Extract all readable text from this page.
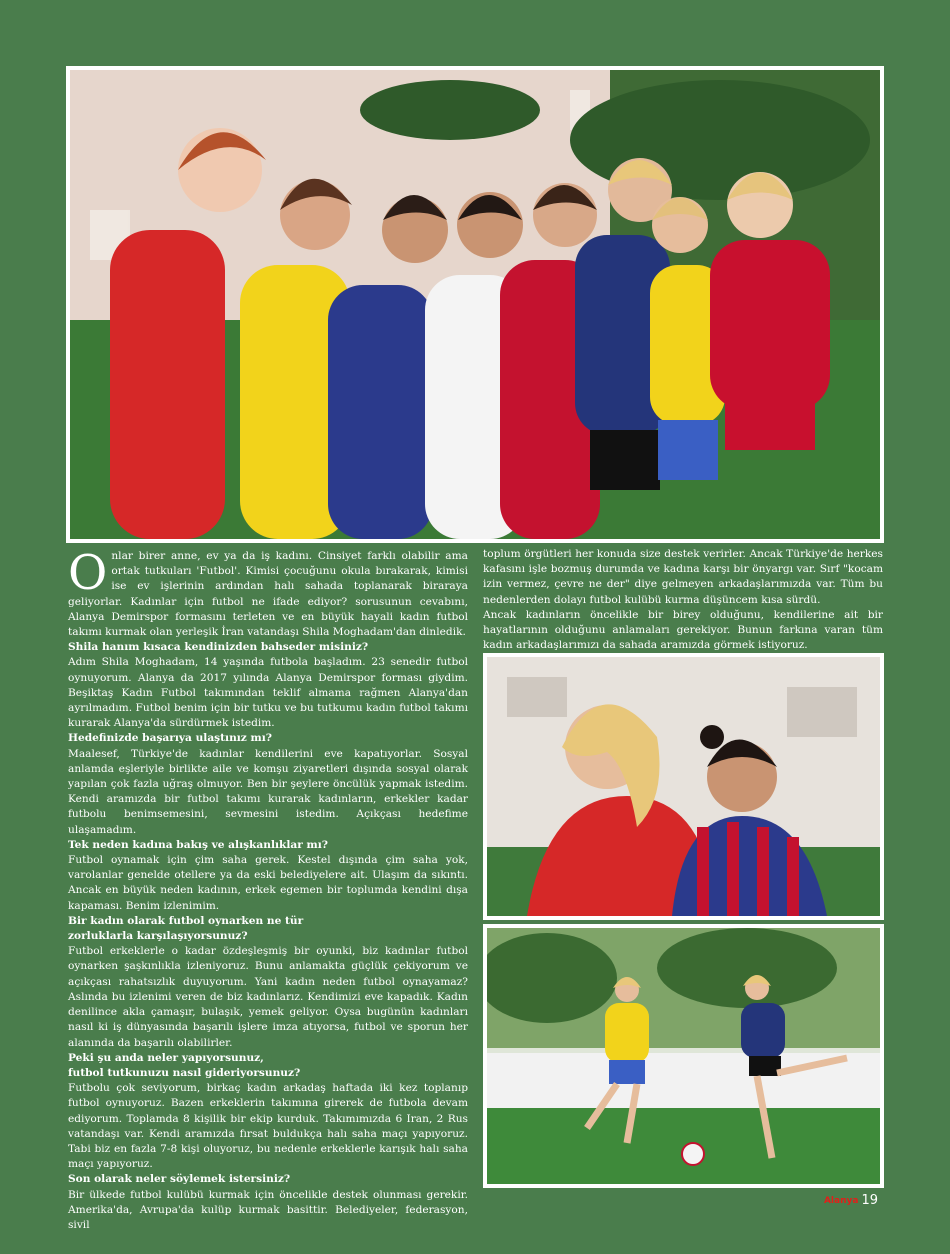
Onlar birer anne, ev ya da iş kadını. Cinsiyet farklı olabilir ama ortak tutkuları 'Futbol'. Kimisi çocuğunu okula bırakarak, kimisi ise ev işlerinin ardından halı sahada toplanarak biraraya geliyorlar. Kadınlar için futbol ne ifade ediyor? sorusunun cevabını, Alanya Demirspor formasını terleten ve en büyük hayali kadın futbol takımı kurmak olan yerleşik İran vatandaşı Shila Moghadam'dan dinledik.

Shila hanım kısaca kendinizden bahseder misiniz?

Adım Shila Moghadam, 14 yaşında futbola başladım. 23 senedir futbol oynuyorum. Alanya da 2017 yılında Alanya Demirspor forması giydim. Beşiktaş Kadın Futbol takımından teklif almama rağmen Alanya'dan ayrılmadım. Futbol benim için bir tutku ve bu tutkumu kadın futbol takımı kurarak Alanya'da sürdürmek istedim.

Hedefinizde başarıya ulaştınız mı?

Maalesef, Türkiye'de kadınlar kendilerini eve kapatıyorlar. Sosyal anlamda eşleriyle birlikte aile ve komşu ziyaretleri dışında sosyal olarak yapılan çok fazla uğraş olmuyor. Ben bir şeylere öncülük yapmak istedim. Kendi aramızda bir futbol takımı kurarak kadınların, erkekler kadar futbolu benimsemesini, sevmesini istedim. Açıkçası hedefime ulaşamadım.

Tek neden kadına bakış ve alışkanlıklar mı?

Futbol oynamak için çim saha gerek. Kestel dışında çim saha yok, varolanlar genelde otellere ya da eski belediyelere ait. Ulaşım da sıkıntı. Ancak en büyük neden kadının, erkek egemen bir toplumda kendini dışa kapaması. Benim izlenimim.

Bir kadın olarak futbol oynarken ne tür

zorluklarla karşılaşıyorsunuz?

Futbol erkeklerle o kadar özdeşleşmiş bir oyunki, biz kadınlar futbol oynarken şaşkınlıkla izleniyoruz. Bunu anlamakta güçlük çekiyorum ve açıkçası rahatsızlık duyuyorum. Yani kadın neden futbol oynayamaz? Aslında bu izlenimi veren de biz kadınlarız. Kendimizi eve kapadık. Kadın denilince akla çamaşır, bulaşık, yemek geliyor. Oysa bugünün kadınları nasıl ki iş dünyasında başarılı işlere imza atıyorsa, futbol ve sporun her alanında da başarılı olabilirler.

Peki şu anda neler yapıyorsunuz,

futbol tutkunuzu nasıl gideriyorsunuz?

Futbolu çok seviyorum, birkaç kadın arkadaş haftada iki kez toplanıp futbol oynuyoruz. Bazen erkeklerin takımına girerek de futbola devam ediyorum. Toplamda 8 kişilik bir ekip kurduk. Takımımızda 6 Iran, 2 Rus vatandaşı var. Kendi aramızda fırsat buldukça halı saha maçı yapıyoruz. Tabi biz en fazla 7-8 kişi oluyoruz, bu nedenle erkeklerle karışık halı saha maçı yapıyoruz.

Son olarak neler söylemek istersiniz?

Bir ülkede futbol kulübü kurmak için öncelikle destek olunması gerekir. Amerika'da, Avrupa'da kulüp kurmak basittir. Belediyeler, federasyon, sivil

toplum örgütleri her konuda size destek verirler. Ancak Türkiye'de herkes kafasını işle bozmuş durumda ve kadına karşı bir önyargı var. Sırf "kocam izin vermez, çevre ne der" diye gelmeyen arkadaşlarımızda var. Tüm bu nedenlerden dolayı futbol kulübü kurma düşüncem kısa sürdü.

Ancak kadınların öncelikle bir birey olduğunu, kendilerine ait bir hayatlarının olduğunu anlamaları gerekiyor. Bunun farkına varan tüm kadın arkadaşlarımızı da sahada aramızda görmek istiyoruz.

Alanya 19
